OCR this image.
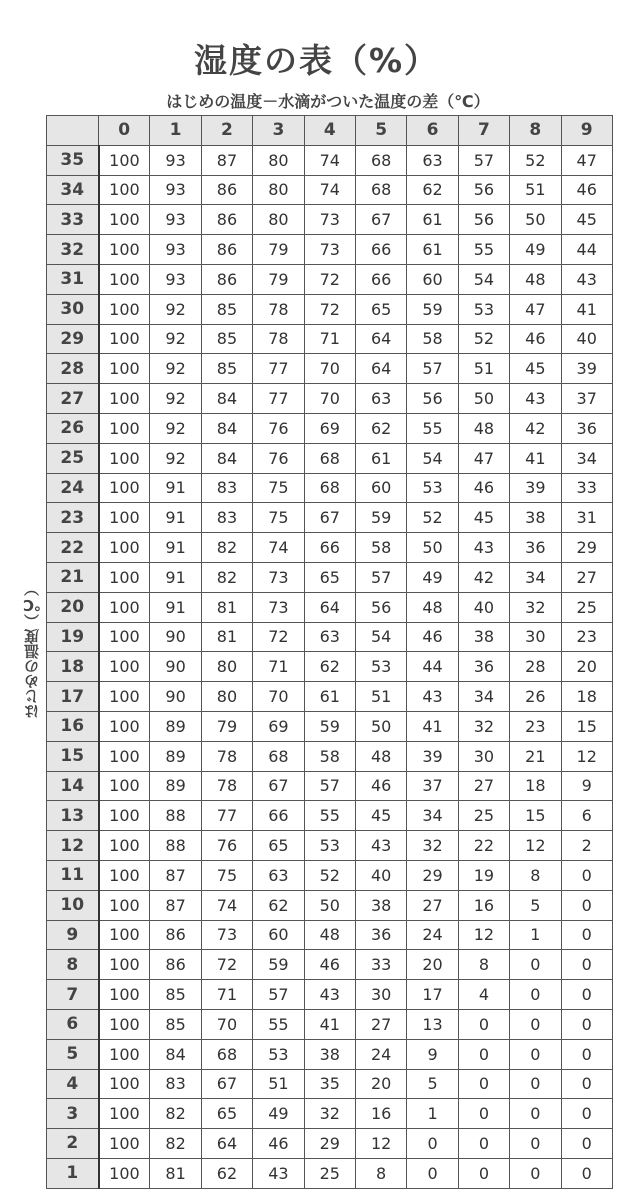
湿度の表（%）
はじめの温度－水滴がついた温度の差（℃）
はじめの温度（℃）
	0	1	2	3	4	5	6	7	8	9
35	100	93	87	80	74	68	63	57	52	47
34	100	93	86	80	74	68	62	56	51	46
33	100	93	86	80	73	67	61	56	50	45
32	100	93	86	79	73	66	61	55	49	44
31	100	93	86	79	72	66	60	54	48	43
30	100	92	85	78	72	65	59	53	47	41
29	100	92	85	78	71	64	58	52	46	40
28	100	92	85	77	70	64	57	51	45	39
27	100	92	84	77	70	63	56	50	43	37
26	100	92	84	76	69	62	55	48	42	36
25	100	92	84	76	68	61	54	47	41	34
24	100	91	83	75	68	60	53	46	39	33
23	100	91	83	75	67	59	52	45	38	31
22	100	91	82	74	66	58	50	43	36	29
21	100	91	82	73	65	57	49	42	34	27
20	100	91	81	73	64	56	48	40	32	25
19	100	90	81	72	63	54	46	38	30	23
18	100	90	80	71	62	53	44	36	28	20
17	100	90	80	70	61	51	43	34	26	18
16	100	89	79	69	59	50	41	32	23	15
15	100	89	78	68	58	48	39	30	21	12
14	100	89	78	67	57	46	37	27	18	9
13	100	88	77	66	55	45	34	25	15	6
12	100	88	76	65	53	43	32	22	12	2
11	100	87	75	63	52	40	29	19	8	0
10	100	87	74	62	50	38	27	16	5	0
9	100	86	73	60	48	36	24	12	1	0
8	100	86	72	59	46	33	20	8	0	0
7	100	85	71	57	43	30	17	4	0	0
6	100	85	70	55	41	27	13	0	0	0
5	100	84	68	53	38	24	9	0	0	0
4	100	83	67	51	35	20	5	0	0	0
3	100	82	65	49	32	16	1	0	0	0
2	100	82	64	46	29	12	0	0	0	0
1	100	81	62	43	25	8	0	0	0	0
